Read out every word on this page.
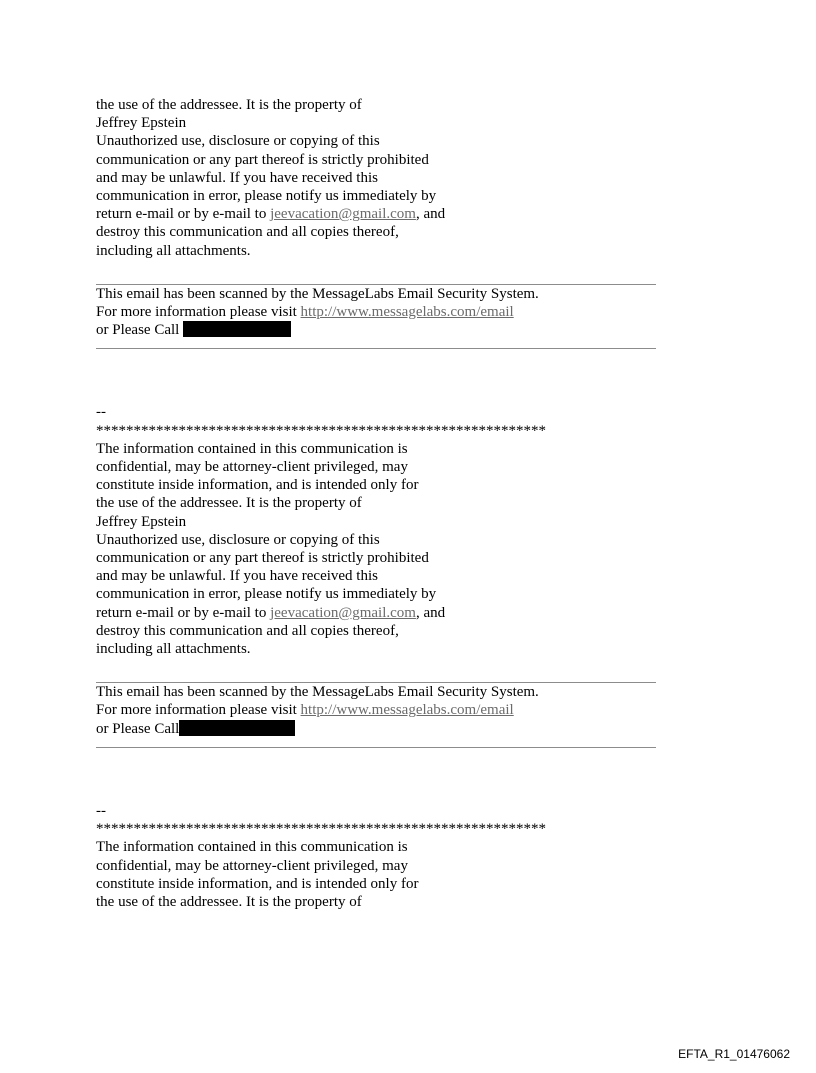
the use of the addressee. It is the property of
Jeffrey Epstein
Unauthorized use, disclosure or copying of this
communication or any part thereof is strictly prohibited
and may be unlawful. If you have received this
communication in error, please notify us immediately by
return e-mail or by e-mail to jeevacation@gmail.com, and
destroy this communication and all copies thereof,
including all attachments.
This email has been scanned by the MessageLabs Email Security System.
For more information please visit http://www.messagelabs.com/email
or Please Call
--
************************************************************
The information contained in this communication is
confidential, may be attorney-client privileged, may
constitute inside information, and is intended only for
the use of the addressee. It is the property of
Jeffrey Epstein
Unauthorized use, disclosure or copying of this
communication or any part thereof is strictly prohibited
and may be unlawful. If you have received this
communication in error, please notify us immediately by
return e-mail or by e-mail to jeevacation@gmail.com, and
destroy this communication and all copies thereof,
including all attachments.
This email has been scanned by the MessageLabs Email Security System.
For more information please visit http://www.messagelabs.com/email
or Please Call
--
************************************************************
The information contained in this communication is
confidential, may be attorney-client privileged, may
constitute inside information, and is intended only for
the use of the addressee. It is the property of
EFTA_R1_01476062
